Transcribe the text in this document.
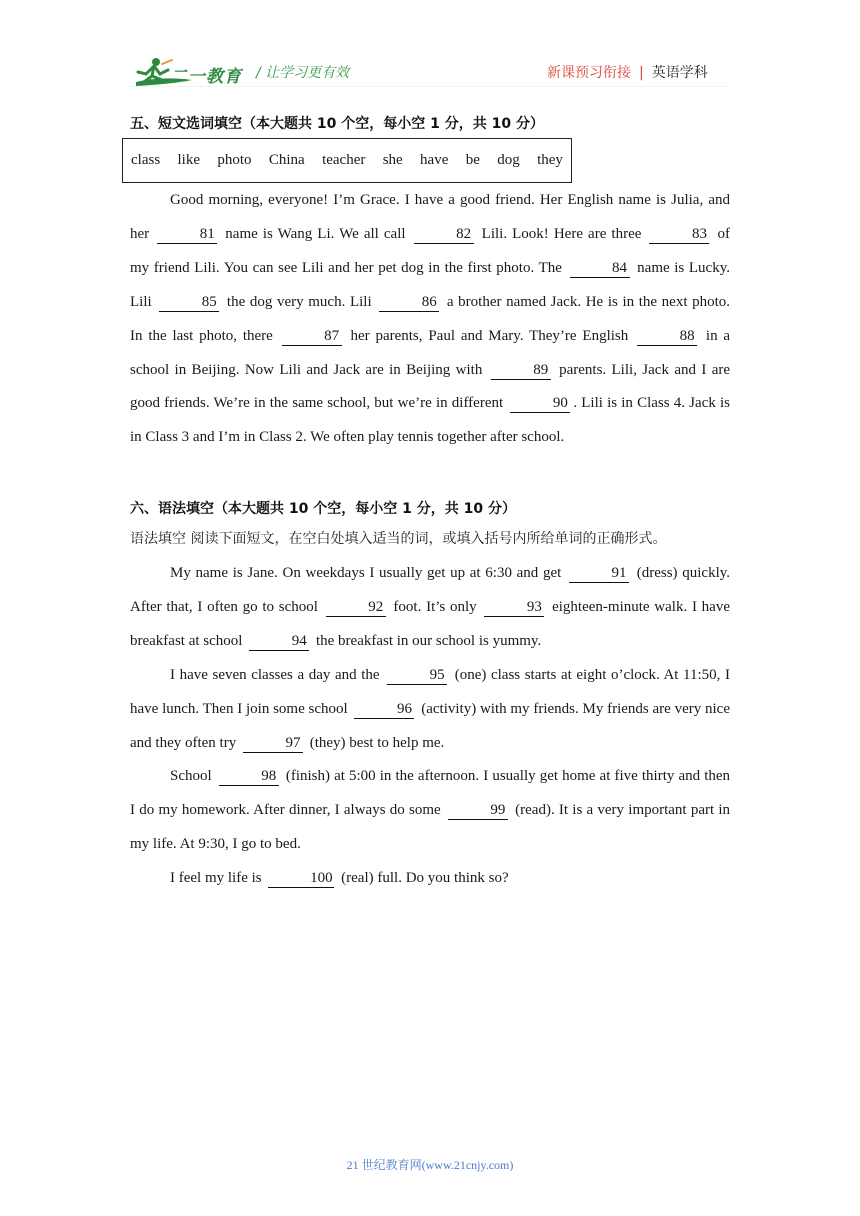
二一教育 / 让学习更有效	新课预习衔接 | 英语学科
五、短文选词填空（本大题共 10 个空，每小空 1 分，共 10 分）
class like photo China teacher she have be dog they

Good morning, everyone! I’m Grace. I have a good friend. Her English name is Julia, and her	81 name is Wang Li. We all call	82 Lili. Look! Here are three	83 of my friend Lili. You can see Lili and her pet dog in the first photo. The	84 name is Lucky. Lili	85 the dog very much. Lili	86 a brother named Jack. He is in the next photo. In the last photo, there	87 her parents, Paul and Mary. They’re English	88 in a school in Beijing. Now Lili and Jack are in Beijing with	89 parents. Lili, Jack and I are good friends. We’re in the same school, but we’re in different	90 . Lili is in Class 4. Jack is in Class 3 and I’m in Class 2. We often play tennis together after school.

六、语法填空（本大题共 10 个空，每小空 1 分，共 10 分）
语法填空 阅读下面短文，在空白处填入适当的词，或填入括号内所给单词的正确形式。

My name is Jane. On weekdays I usually get up at 6:30 and get	91 (dress) quickly. After that, I often go to school	92 foot. It’s only	93 eighteen-minute walk. I have breakfast at school	94 the breakfast in our school is yummy.

I have seven classes a day and the	95 (one) class starts at eight o’clock. At 11:50, I have lunch. Then I join some school	96 (activity) with my friends. My friends are very nice and they often try	97 (they) best to help me.

School	98 (finish) at 5:00 in the afternoon. I usually get home at five thirty and then I do my homework. After dinner, I always do some	99 (read). It is a very important part in my life. At 9:30, I go to bed.

I feel my life is	100 (real) full. Do you think so?

21 世纪教育网(www.21cnjy.com)
